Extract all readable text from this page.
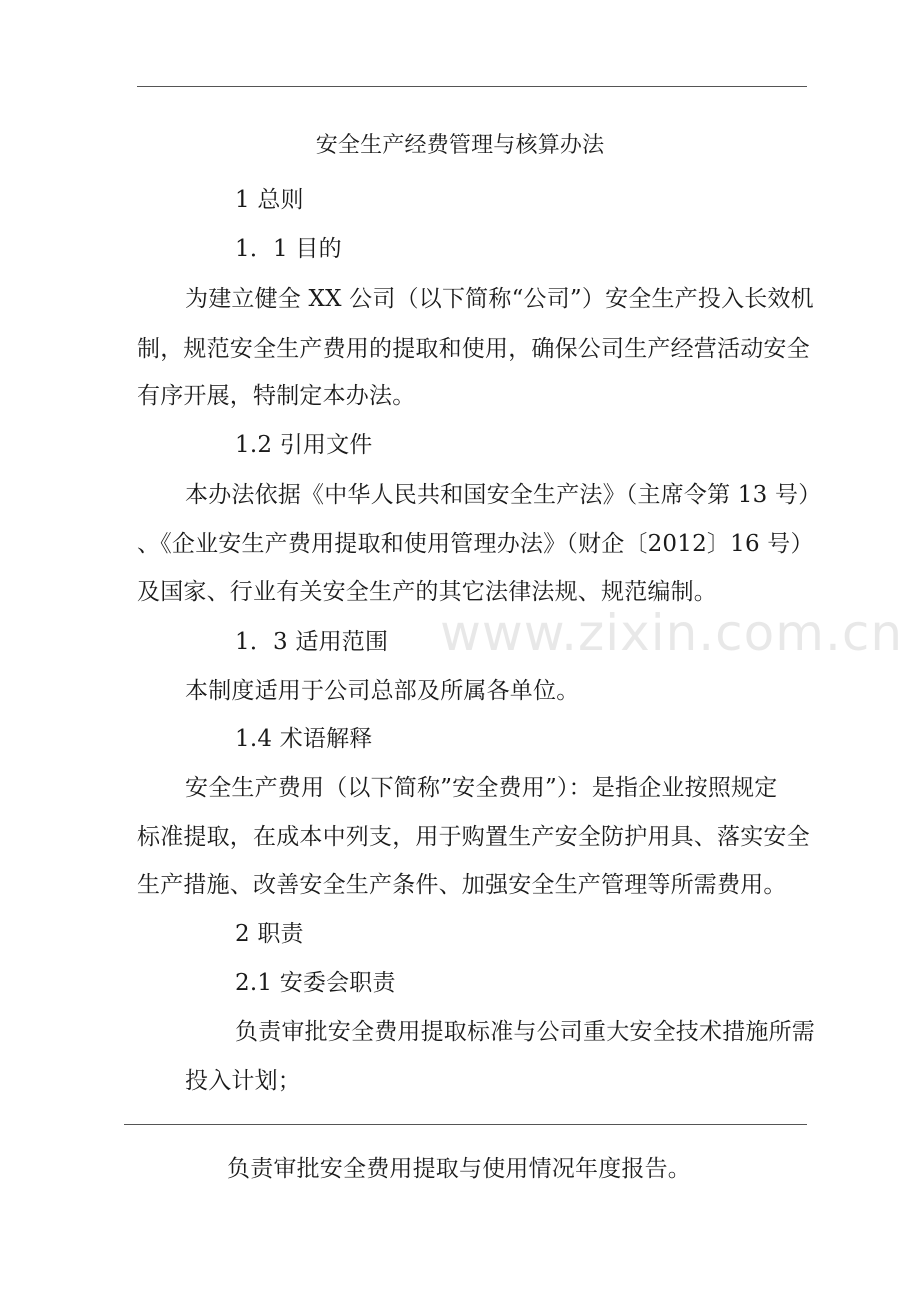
www.zixin.com.cn
安全生产经费管理与核算办法
1 总则
1．1 目的
为建立健全 XX 公司（以下简称“公司”）安全生产投入长效机
制，规范安全生产费用的提取和使用，确保公司生产经营活动安全
有序开展，特制定本办法。
1.2 引用文件
本办法依据《中华人民共和国安全生产法》（主席令第 13 号）
、《企业安生产费用提取和使用管理办法》（财企〔2012〕16 号）
及国家、行业有关安全生产的其它法律法规、规范编制。
1．3 适用范围
本制度适用于公司总部及所属各单位。
1.4 术语解释
安全生产费用（以下简称”安全费用”）：是指企业按照规定
标准提取，在成本中列支，用于购置生产安全防护用具、落实安全
生产措施、改善安全生产条件、加强安全生产管理等所需费用。
2 职责
2.1 安委会职责
负责审批安全费用提取标准与公司重大安全技术措施所需
投入计划；
负责审批安全费用提取与使用情况年度报告。
